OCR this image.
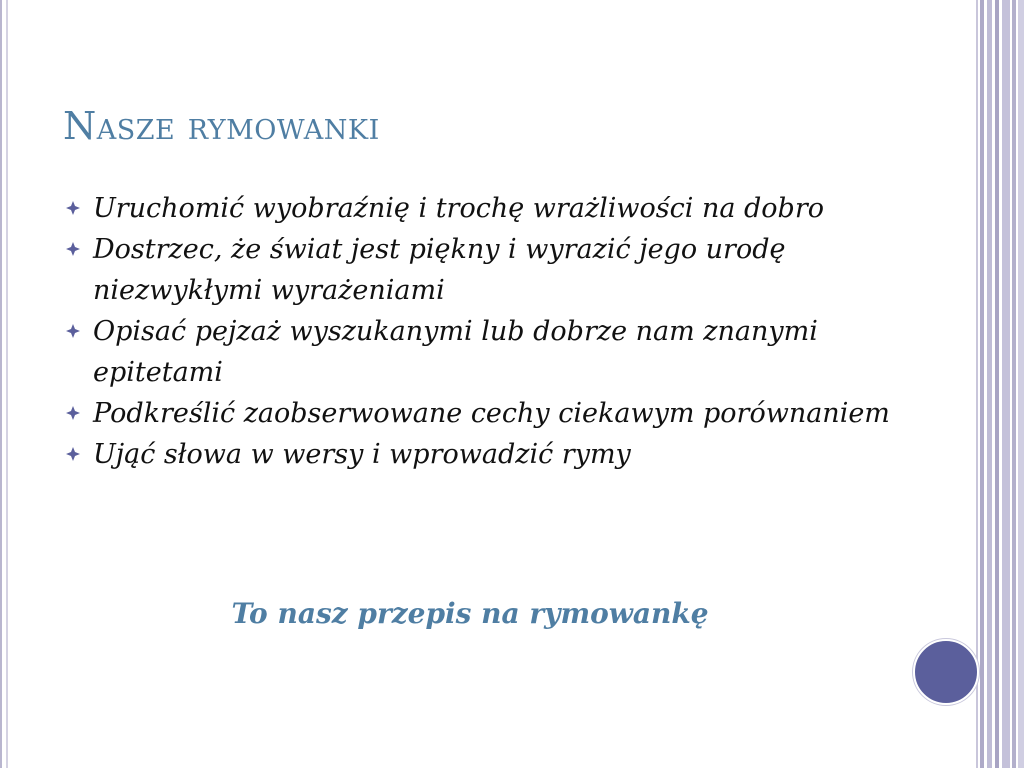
Nasze rymowanki
Uruchomić wyobraźnię i trochę wrażliwości na dobro
Dostrzec, że świat jest piękny i wyrazić jego urodę niezwykłymi wyrażeniami
Opisać pejzaż wyszukanymi lub dobrze nam znanymi epitetami
Podkreślić zaobserwowane cechy ciekawym porównaniem
Ująć słowa w wersy i wprowadzić rymy
To nasz przepis na rymowankę
